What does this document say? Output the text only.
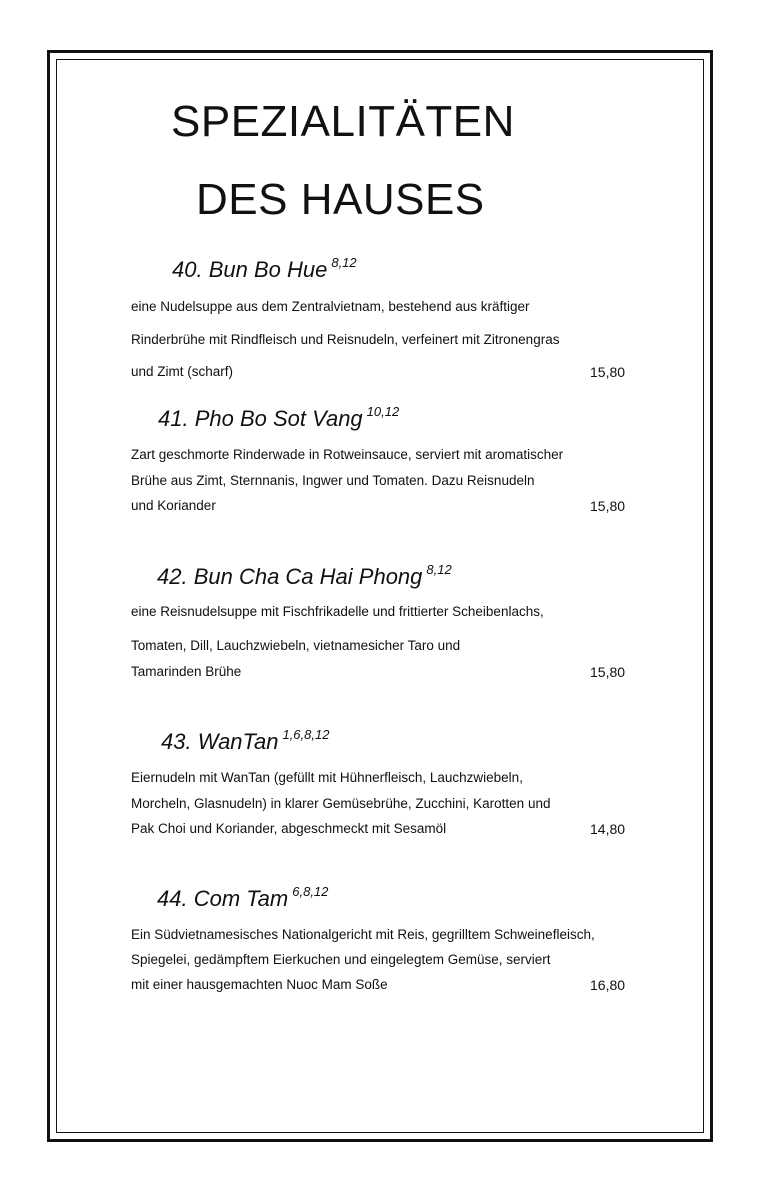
SPEZIALITÄTEN
DES HAUSES
40. Bun Bo Hue $^{8,12}$
eine Nudelsuppe aus dem Zentralvietnam, bestehend aus kräftiger
Rinderbrühe mit Rindfleisch und Reisnudeln, verfeinert mit Zitronengras
und Zimt (scharf)	15,80
41. Pho Bo Sot Vang $^{10,12}$
Zart geschmorte Rinderwade in Rotweinsauce, serviert mit aromatischer
Brühe aus Zimt, Sternnanis, Ingwer und Tomaten. Dazu Reisnudeln
und Koriander	15,80
42. Bun Cha Ca Hai Phong $^{8,12}$
eine Reisnudelsuppe mit Fischfrikadelle und frittierter Scheibenlachs,
Tomaten, Dill, Lauchzwiebeln, vietnamesicher Taro und
Tamarinden Brühe	15,80
43. WanTan $^{1,6,8,12}$
Eiernudeln mit WanTan (gefüllt mit Hühnerfleisch, Lauchzwiebeln,
Morcheln, Glasnudeln) in klarer Gemüsebrühe, Zucchini, Karotten und
Pak Choi und Koriander, abgeschmeckt mit Sesamöl	14,80
44. Com Tam $^{6,8,12}$
Ein Südvietnamesisches Nationalgericht mit Reis, gegrilltem Schweinefleisch,
Spiegelei, gedämpftem Eierkuchen und eingelegtem Gemüse, serviert
mit einer hausgemachten Nuoc Mam Soße	16,80
